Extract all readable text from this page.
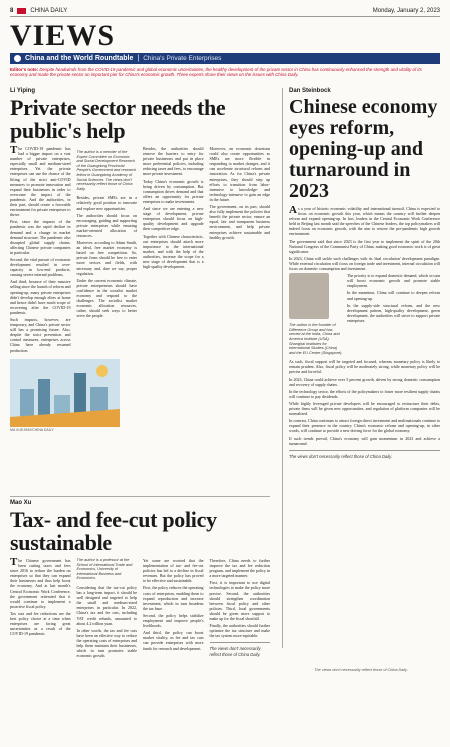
8	CHINA DAILY	Monday, January 2, 2023
VIEWS
China and the World Roundtable | China's Private Enterprises
Editor's note: Despite headwinds from the COVID-19 pandemic and global economic uncertainties, the healthy development of the private sector in China has continuously enhanced the strength and vitality of its economy and made the private sector an important pier for China's economic growth. Three experts share their views on the issues with China Daily.
Li Yiping
Private sector needs the public's help

The COVID-19 pandemic has had a bigger impact on a vast number of private enterprises, especially small and medium-sized enterprises. Yet the private enterprises can use the chance of the lifting of the strict anti-COVID measures to promote innovation and expand their businesses in order to overcome the impact of the pandemic. And the authorities, in their part, should create a favorable environment for private enterprises to thrive.

First, since the impacts of the pandemic was the rapid decline in demand and a change in market demand structure. The pandemic also disrupted global supply chains, affecting Chinese private companies in particular.

Second, the vital pursuit of economic development resulted in over-capacity in low-end products, causing severe internal problems.

And third, because of their massive selling since the launch of reform and opening-up, many private enterprises didn't develop enough elites at home and hence didn't have much scope of recovering after the COVID-19 pandemic.

Such impacts, however, are temporary, and China's private sector still has a promising future. Also, despite the strict prevention and control measures, enterprises across China have already resumed production.

The author is a member of the Expert Committee on Economic and Social Development Research of the Guangdong Provincial People's Government and research fellow in Guangdong Academy of Social Sciences. The views don't necessarily reflect those of China Daily.

Besides, private SMEs are in a relatively good position to innovate and explore new opportunities.

The authorities should focus on encouraging, guiding and supporting private enterprises while ensuring market-oriented allocation of resources.

Moreover, according to Adam Smith, an ideal, free market economy is based on free competition. So, private firms should be free to enter more sectors and fields, with necessary and, dare we say, proper regulation.

Under the current economic climate, private entrepreneurs should have confidence in the socialist market economy and respond to the challenges. The socialist market economic allocation resources, rather, should seek ways to better serve the people.

Besides, the authorities should remove the barriers to entry for private businesses and put in place more preferential policies, including reducing taxes and fees, to encourage more private investment.

Today China's economic growth is being driven by consumption. But consumption drives demand and that offers an opportunity for private enterprises to make investments.

And since we are entering a new stage of development, private enterprises should focus on high-quality development and upgrade their competitive edge.

Together with Chinese characteristic, our enterprises should attach more importance to the international market, and with the help of the authorities, increase the scope for a new stage of development that is a high-quality development.

Moreover, an economic downturn could also create opportunities as SMEs are more flexible in responding to market changes, and it can accelerate structural reform and innovation. As for China's private enterprises, they should step up efforts to transition from labor-intensive to knowledge- and technology-intensive to gain an edge in the future.

The government, on its part, should also fully implement the policies that benefit the private sector, ensure an equal, fair and transparent business environment, and help private enterprises achieve sustainable and healthy growth.

MA XUEJING/CHINA DAILY
Dan Steinbock
Chinese economy eyes reform, opening-up and turnaround in 2023

As a year of historic economic volatility and international turmoil, China is expected to focus on economic growth this year, which means the country will further deepen reform and expand opening-up. In fact, leaders in the Central Economic Work Conference held in Beijing last month said the speeches of the Chinese leaders, the top policymakers will indeed focus on economic growth, with the aim to restore the pre-pandemic high growth environment.

The government said that since 2023 is the first year to implement the spirit of the 20th National Congress of the Communist Party of China, making good economic work is of great significance.

In 2023, China will tackle such challenges with its 'dual circulation' development paradigm. While external circulation will focus on foreign trade and investment, internal circulation will focus on domestic consumption and investment.

The author is the founder of Difference Group and has served at the India, China and America Institute (USA), Shanghai Institutes for International Studies (China) and the EU Center (Singapore).

The priority is to expand domestic demand, which in turn will boost economic growth and promote stable employment.

In the meantime, China will continue to deepen reform and opening-up.

In the supply-side structural reform, and the new development pattern, high-quality development, green development, the authorities will strive to support private enterprises.

As such, fiscal support will be targeted and focused, whereas monetary policy is likely to remain prudent. Also, fiscal policy will be moderately strong, while monetary policy will be precise and forceful.

In 2023, China could achieve over 5 percent growth, driven by strong domestic consumption and recovery of supply chains.

In the technology sector, the efforts of the policymakers to foster more resilient supply chains will continue to pay dividends.

While highly leveraged private developers will be encouraged to restructure their debts, private firms will be given new opportunities, and regulation of platform companies will be normalized.

In contrast, China continues to attract foreign direct investment and multinationals continue to expand their presence in the country. China's economic reform and opening-up, in other words, will continue to provide a new driving force for the global economy.

If such trends prevail, China's economy will gain momentum in 2023 and achieve a turnaround.

The views don't necessarily reflect those of China Daily.
Mao Xu
Tax- and fee-cut policy sustainable

The Chinese government has been cutting taxes and fees since 2016 to reduce the burden on enterprises so that they can expand their businesses and thus help boost the economy. And at last month's Central Economic Work Conference, the government reiterated that it would continue to implement a proactive fiscal policy.

Tax cuts and fee reductions are the best policy choice at a time when enterprises are facing great uncertainties as a result of the COVID-19 pandemic.

The author is a professor at the School of International Trade and Economics, University of International Business and Economics.

Considering that the tax-cut policy has a long-term impact, it should be well designed and targeted to help the small and medium-sized enterprises in particular. In 2022, China's tax and fee cuts, including VAT credit refunds, amounted to about 4.2 trillion yuan.

In other words, the tax and fee cuts have been an effective way to reduce the operating costs of enterprises and help them maintain their businesses, which in turn promotes stable economic growth.

Yet some are worried that the implementation of tax- and fee-cut policies has led to a decline in fiscal revenues. But the policy has proved to be effective and sustainable.

First, the policy reduces the operating costs of enterprises, enabling them to expand reproduction and increase investment, which in turn broadens the tax base.

Second, the policy helps stabilize employment and improve people's livelihoods.

And third, the policy can boost market vitality, as fee and tax cuts can provide enterprises with more funds for research and development.

Therefore, China needs to further improve the tax and fee reduction program, and implement the policy in a more targeted manner.

First, it is important to use digital technologies to make the policy more precise. Second, the authorities should strengthen coordination between fiscal policy and other policies. Third, local governments should be given more support to make up for the fiscal shortfall.

Finally, the authorities should further optimize the tax structure and make the tax system more equitable.

The views don't necessarily reflect those of China Daily.
The views don't necessarily reflect those of China Daily.
